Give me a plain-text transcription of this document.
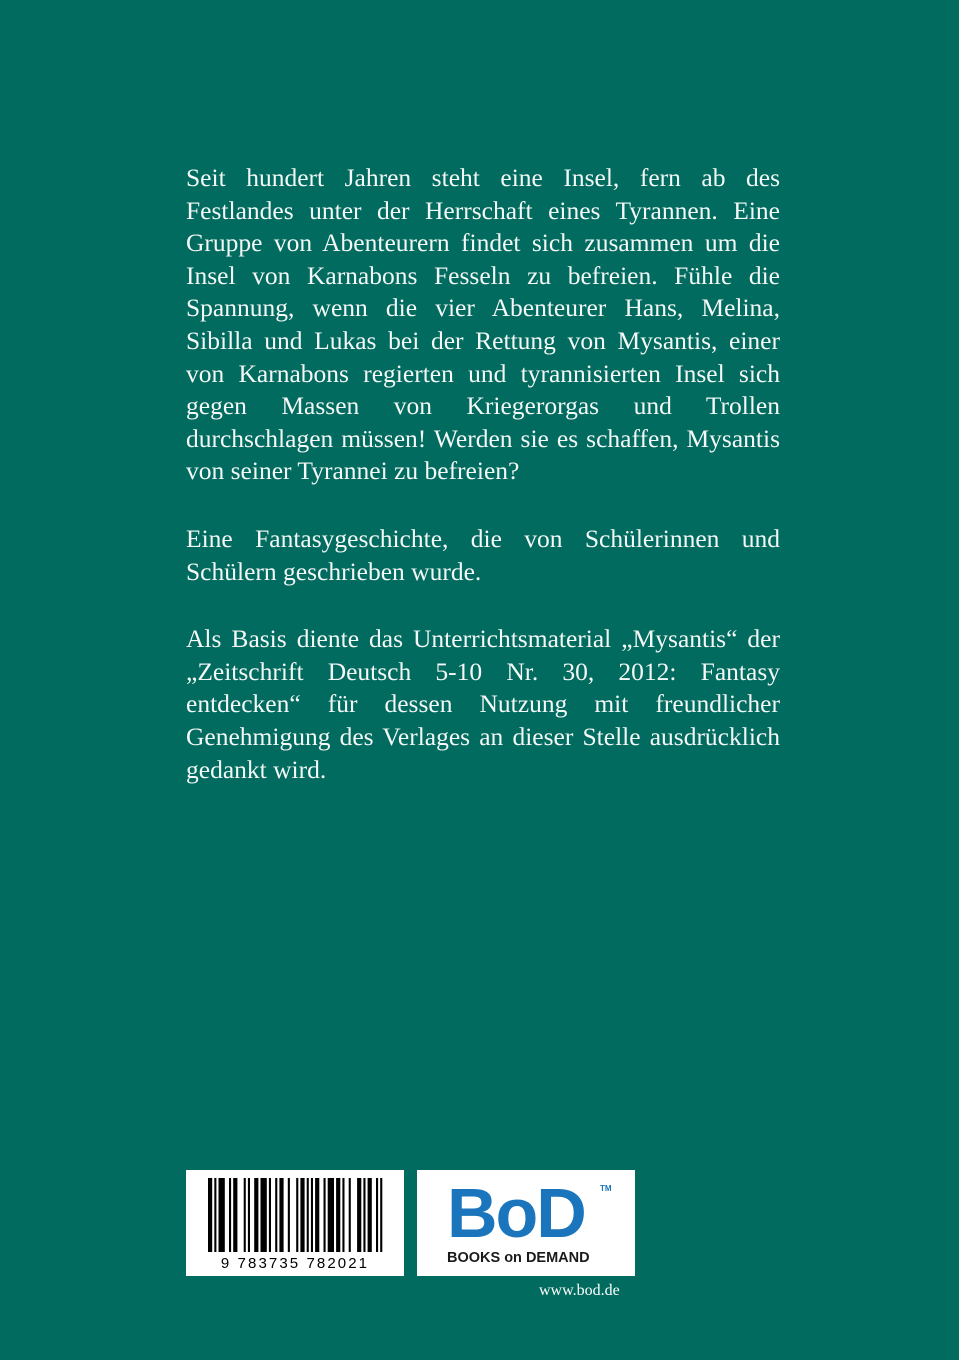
Seit hundert Jahren steht eine Insel, fern ab des Festlandes unter der Herrschaft eines Tyrannen. Eine Gruppe von Abenteurern findet sich zusammen um die Insel von Karnabons Fesseln zu befreien. Fühle die Spannung, wenn die vier Abenteurer Hans, Melina, Sibilla und Lukas bei der Rettung von Mysantis, einer von Karnabons regierten und tyrannisierten Insel sich gegen Massen von Kriegerorgas und Trollen durchschlagen müssen! Werden sie es schaffen, Mysantis von seiner Tyrannei zu befreien?

Eine Fantasygeschichte, die von Schülerinnen und Schülern geschrieben wurde.

Als Basis diente das Unterrichtsmaterial „Mysantis“ der „Zeitschrift Deutsch 5-10 Nr. 30, 2012: Fantasy entdecken“ für dessen Nutzung mit freundlicher Genehmigung des Verlages an dieser Stelle ausdrücklich gedankt wird.

9 783735 782021
BoD TM
BOOKS on DEMAND
www.bod.de
